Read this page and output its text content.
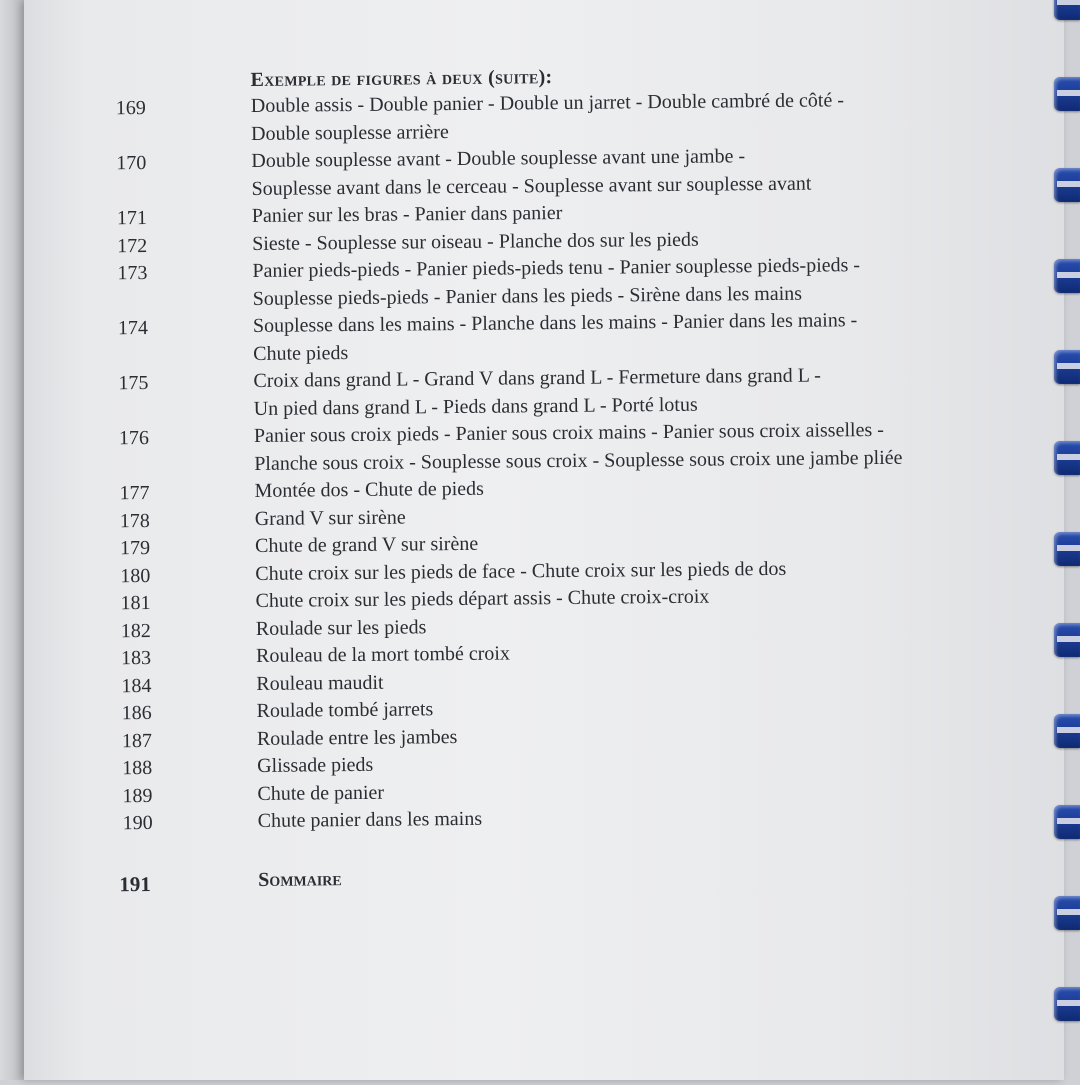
Exemple de figures à deux (suite):
169	Double assis - Double panier - Double un jarret - Double cambré de côté -
Double souplesse arrière
170	Double souplesse avant - Double souplesse avant une jambe -
Souplesse avant dans le cerceau - Souplesse avant sur souplesse avant
171	Panier sur les bras - Panier dans panier
172	Sieste - Souplesse sur oiseau - Planche dos sur les pieds
173	Panier pieds-pieds - Panier pieds-pieds tenu - Panier souplesse pieds-pieds -
Souplesse pieds-pieds - Panier dans les pieds - Sirène dans les mains
174	Souplesse dans les mains - Planche dans les mains - Panier dans les mains -
Chute pieds
175	Croix dans grand L - Grand V dans grand L - Fermeture dans grand L -
Un pied dans grand L - Pieds dans grand L - Porté lotus
176	Panier sous croix pieds - Panier sous croix mains - Panier sous croix aisselles -
Planche sous croix - Souplesse sous croix - Souplesse sous croix une jambe pliée
177	Montée dos - Chute de pieds
178	Grand V sur sirène
179	Chute de grand V sur sirène
180	Chute croix sur les pieds de face - Chute croix sur les pieds de dos
181	Chute croix sur les pieds départ assis - Chute croix-croix
182	Roulade sur les pieds
183	Rouleau de la mort tombé croix
184	Rouleau maudit
186	Roulade tombé jarrets
187	Roulade entre les jambes
188	Glissade pieds
189	Chute de panier
190	Chute panier dans les mains
191	Sommaire
